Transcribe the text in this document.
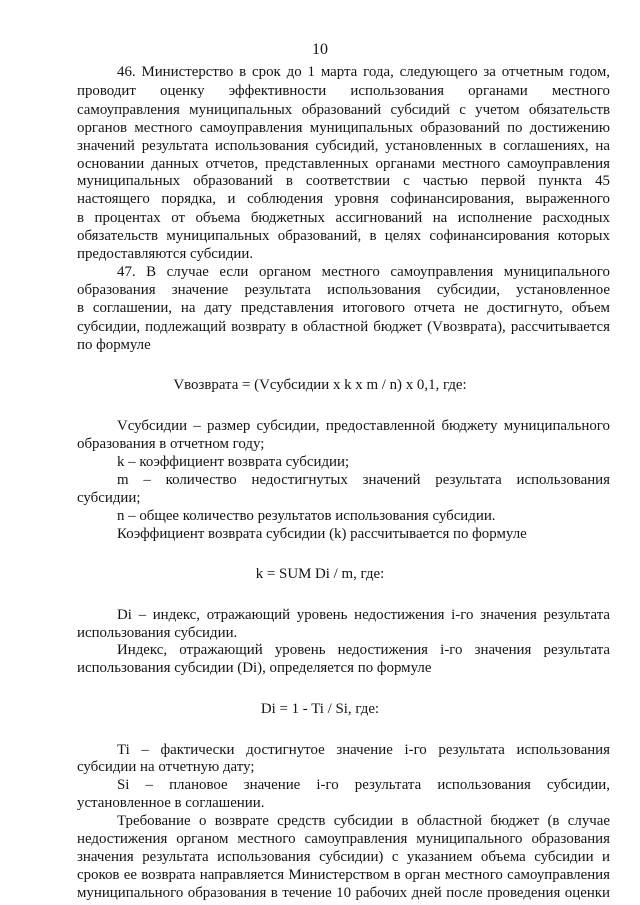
10
46. Министерство в срок до 1 марта года, следующего за отчетным годом,
проводит оценку эффективности использования органами местного
самоуправления муниципальных образований субсидий с учетом обязательств
органов местного самоуправления муниципальных образований по достижению
значений результата использования субсидий, установленных в соглашениях, на
основании данных отчетов, представленных органами местного самоуправления
муниципальных образований в соответствии с частью первой пункта 45
настоящего порядка, и соблюдения уровня софинансирования, выраженного
в процентах от объема бюджетных ассигнований на исполнение расходных
обязательств муниципальных образований, в целях софинансирования которых
предоставляются субсидии.
47. В случае если органом местного самоуправления муниципального
образования значение результата использования субсидии, установленное
в соглашении, на дату представления итогового отчета не достигнуто, объем
субсидии, подлежащий возврату в областной бюджет (Vвозврата), рассчитывается
по формуле
Vвозврата = (Vсубсидии x k x m / n) x 0,1, где:
Vсубсидии – размер субсидии, предоставленной бюджету муниципального
образования в отчетном году;
k – коэффициент возврата субсидии;
m – количество недостигнутых значений результата использования
субсидии;
n – общее количество результатов использования субсидии.
Коэффициент возврата субсидии (k) рассчитывается по формуле
k = SUM Di / m, где:
Di – индекс, отражающий уровень недостижения i-го значения результата
использования субсидии.
Индекс, отражающий уровень недостижения i-го значения результата
использования субсидии (Di), определяется по формуле
Di = 1 - Ti / Si, где:
Ti – фактически достигнутое значение i-го результата использования
субсидии на отчетную дату;
Si – плановое значение i-го результата использования субсидии,
установленное в соглашении.
Требование о возврате средств субсидии в областной бюджет (в случае
недостижения органом местного самоуправления муниципального образования
значения результата использования субсидии) с указанием объема субсидии и
сроков ее возврата направляется Министерством в орган местного самоуправления
муниципального образования в течение 10 рабочих дней после проведения оценки
